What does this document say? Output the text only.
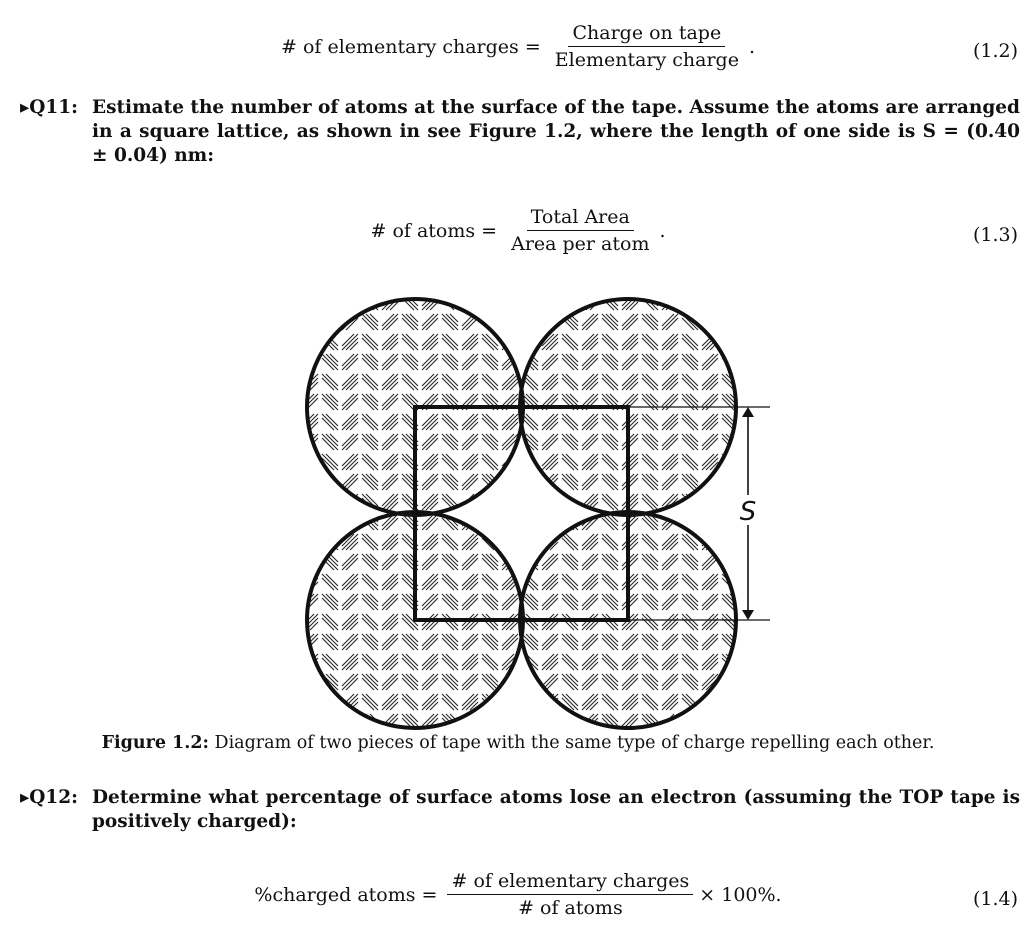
# of elementary charges = $\frac{\text{Charge on tape}}{\text{Elementary charge}}$ .	(1.2)
▸Q11: Estimate the number of atoms at the surface of the tape. Assume the atoms are arranged in a square lattice, as shown in see Figure 1.2, where the length of one side is S = (0.40 ± 0.04) nm:
# of atoms = $\frac{\text{Total Area}}{\text{Area per atom}}$ .	(1.3)
S
Figure 1.2: Diagram of two pieces of tape with the same type of charge repelling each other.
▸Q12: Determine what percentage of surface atoms lose an electron (assuming the TOP tape is positively charged):
%charged atoms = $\frac{\text{\# of elementary charges}}{\text{\# of atoms}} \times 100\%$.	(1.4)
